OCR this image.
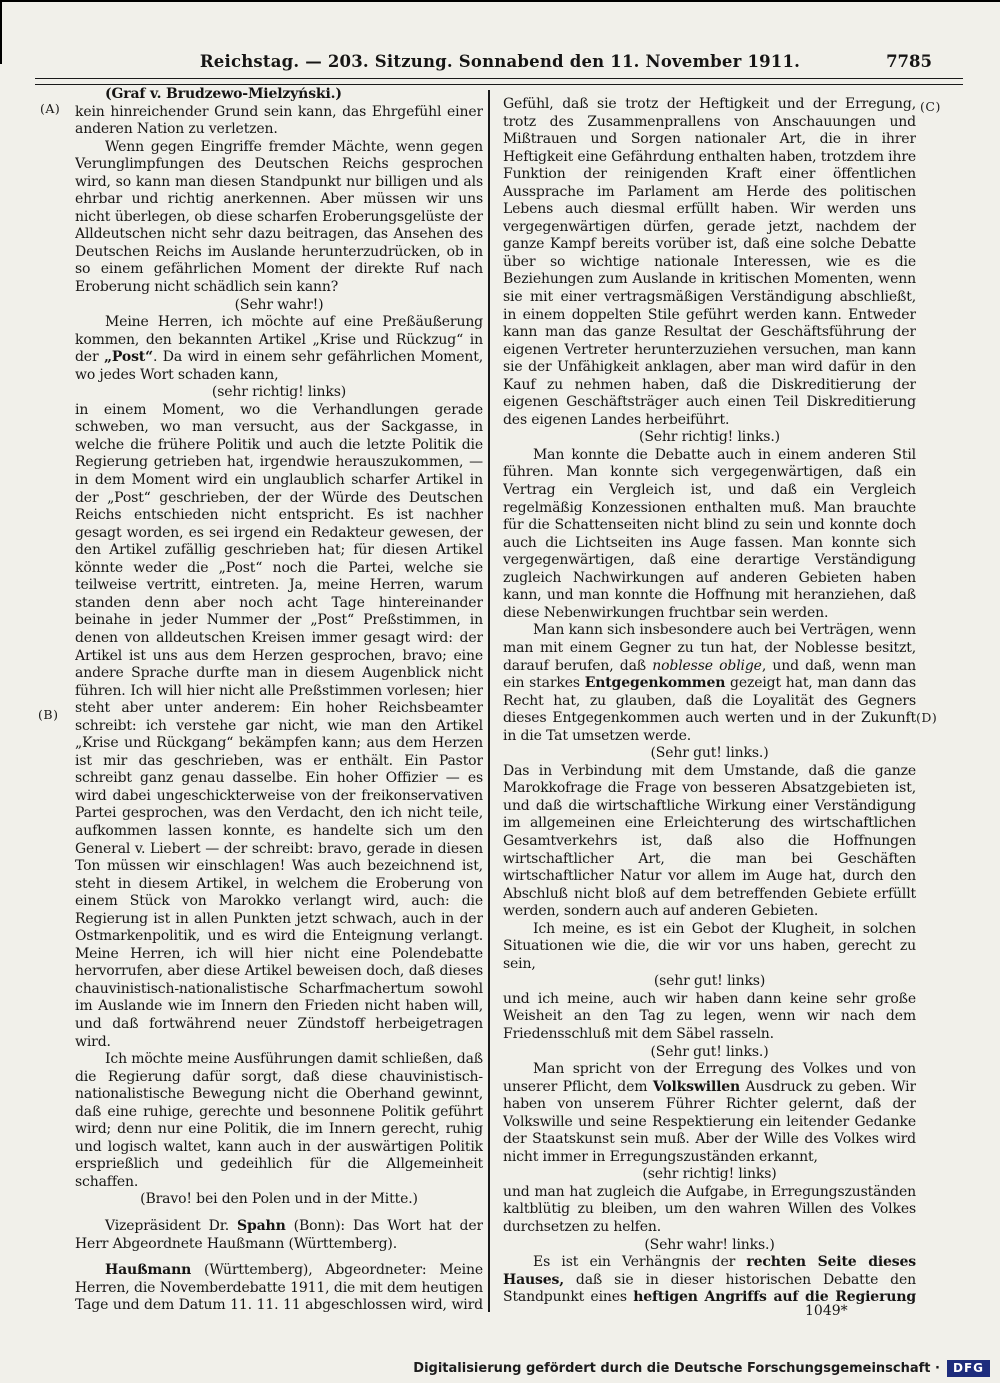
Reichstag. — 203. Sitzung. Sonnabend den 11. November 1911.	7785
(A)
(B)
(C)
(D)

(Graf v. Brudzewo-Mielzyński.)

kein hinreichender Grund sein kann, das Ehrgefühl einer anderen Nation zu verletzen.

Wenn gegen Eingriffe fremder Mächte, wenn gegen Verunglimpfungen des Deutschen Reichs gesprochen wird, so kann man diesen Standpunkt nur billigen und als ehrbar und richtig anerkennen. Aber müssen wir uns nicht überlegen, ob diese scharfen Eroberungsgelüste der Alldeutschen nicht sehr dazu beitragen, das Ansehen des Deutschen Reichs im Auslande herunterzudrücken, ob in so einem gefährlichen Moment der direkte Ruf nach Eroberung nicht schädlich sein kann?

(Sehr wahr!)

Meine Herren, ich möchte auf eine Preßäußerung kommen, den bekannten Artikel „Krise und Rückzug“ in der „Post“. Da wird in einem sehr gefährlichen Moment, wo jedes Wort schaden kann,

(sehr richtig! links)

in einem Moment, wo die Verhandlungen gerade schweben, wo man versucht, aus der Sackgasse, in welche die frühere Politik und auch die letzte Politik die Regierung getrieben hat, irgendwie herauszukommen, — in dem Moment wird ein unglaublich scharfer Artikel in der „Post“ geschrieben, der der Würde des Deutschen Reichs entschieden nicht entspricht. Es ist nachher gesagt worden, es sei irgend ein Redakteur gewesen, der den Artikel zufällig geschrieben hat; für diesen Artikel könnte weder die „Post“ noch die Partei, welche sie teilweise vertritt, eintreten. Ja, meine Herren, warum standen denn aber noch acht Tage hintereinander beinahe in jeder Nummer der „Post“ Preßstimmen, in denen von alldeutschen Kreisen immer gesagt wird: der Artikel ist uns aus dem Herzen gesprochen, bravo; eine andere Sprache durfte man in diesem Augenblick nicht führen. Ich will hier nicht alle Preßstimmen vorlesen; hier steht aber unter anderem: Ein hoher Reichsbeamter schreibt: ich verstehe gar nicht, wie man den Artikel „Krise und Rückgang“ bekämpfen kann; aus dem Herzen ist mir das geschrieben, was er enthält. Ein Pastor schreibt ganz genau dasselbe. Ein hoher Offizier — es wird dabei ungeschickterweise von der freikonservativen Partei gesprochen, was den Verdacht, den ich nicht teile, aufkommen lassen konnte, es handelte sich um den General v. Liebert — der schreibt: bravo, gerade in diesen Ton müssen wir einschlagen! Was auch bezeichnend ist, steht in diesem Artikel, in welchem die Eroberung von einem Stück von Marokko verlangt wird, auch: die Regierung ist in allen Punkten jetzt schwach, auch in der Ostmarkenpolitik, und es wird die Enteignung verlangt. Meine Herren, ich will hier nicht eine Polendebatte hervorrufen, aber diese Artikel beweisen doch, daß dieses chauvinistisch-nationalistische Scharfmachertum sowohl im Auslande wie im Innern den Frieden nicht haben will, und daß fortwährend neuer Zündstoff herbeigetragen wird.

Ich möchte meine Ausführungen damit schließen, daß die Regierung dafür sorgt, daß diese chauvinistisch-nationalistische Bewegung nicht die Oberhand gewinnt, daß eine ruhige, gerechte und besonnene Politik geführt wird; denn nur eine Politik, die im Innern gerecht, ruhig und logisch waltet, kann auch in der auswärtigen Politik ersprießlich und gedeihlich für die Allgemeinheit schaffen.

(Bravo! bei den Polen und in der Mitte.)

Vizepräsident Dr. Spahn (Bonn): Das Wort hat der Herr Abgeordnete Haußmann (Württemberg).

Haußmann (Württemberg), Abgeordneter: Meine Herren, die Novemberdebatte 1911, die mit dem heutigen Tage und dem Datum 11. 11. 11 abgeschlossen wird, wird

Gefühl, daß sie trotz der Heftigkeit und der Erregung, trotz des Zusammenprallens von Anschauungen und Mißtrauen und Sorgen nationaler Art, die in ihrer Heftigkeit eine Gefährdung enthalten haben, trotzdem ihre Funktion der reinigenden Kraft einer öffentlichen Aussprache im Parlament am Herde des politischen Lebens auch diesmal erfüllt haben. Wir werden uns vergegenwärtigen dürfen, gerade jetzt, nachdem der ganze Kampf bereits vorüber ist, daß eine solche Debatte über so wichtige nationale Interessen, wie es die Beziehungen zum Auslande in kritischen Momenten, wenn sie mit einer vertragsmäßigen Verständigung abschließt, in einem doppelten Stile geführt werden kann. Entweder kann man das ganze Resultat der Geschäftsführung der eigenen Vertreter herunterzuziehen versuchen, man kann sie der Unfähigkeit anklagen, aber man wird dafür in den Kauf zu nehmen haben, daß die Diskreditierung der eigenen Geschäftsträger auch einen Teil Diskreditierung des eigenen Landes herbeiführt.

(Sehr richtig! links.)

Man konnte die Debatte auch in einem anderen Stil führen. Man konnte sich vergegenwärtigen, daß ein Vertrag ein Vergleich ist, und daß ein Vergleich regelmäßig Konzessionen enthalten muß. Man brauchte für die Schattenseiten nicht blind zu sein und konnte doch auch die Lichtseiten ins Auge fassen. Man konnte sich vergegenwärtigen, daß eine derartige Verständigung zugleich Nachwirkungen auf anderen Gebieten haben kann, und man konnte die Hoffnung mit heranziehen, daß diese Nebenwirkungen fruchtbar sein werden.

Man kann sich insbesondere auch bei Verträgen, wenn man mit einem Gegner zu tun hat, der Noblesse besitzt, darauf berufen, daß noblesse oblige, und daß, wenn man ein starkes Entgegenkommen gezeigt hat, man dann das Recht hat, zu glauben, daß die Loyalität des Gegners dieses Entgegenkommen auch werten und in der Zukunft in die Tat umsetzen werde.

(Sehr gut! links.)

Das in Verbindung mit dem Umstande, daß die ganze Marokkofrage die Frage von besseren Absatzgebieten ist, und daß die wirtschaftliche Wirkung einer Verständigung im allgemeinen eine Erleichterung des wirtschaftlichen Gesamtverkehrs ist, daß also die Hoffnungen wirtschaftlicher Art, die man bei Geschäften wirtschaftlicher Natur vor allem im Auge hat, durch den Abschluß nicht bloß auf dem betreffenden Gebiete erfüllt werden, sondern auch auf anderen Gebieten.

Ich meine, es ist ein Gebot der Klugheit, in solchen Situationen wie die, die wir vor uns haben, gerecht zu sein,

(sehr gut! links)

und ich meine, auch wir haben dann keine sehr große Weisheit an den Tag zu legen, wenn wir nach dem Friedensschluß mit dem Säbel rasseln.

(Sehr gut! links.)

Man spricht von der Erregung des Volkes und von unserer Pflicht, dem Volkswillen Ausdruck zu geben. Wir haben von unserem Führer Richter gelernt, daß der Volkswille und seine Respektierung ein leitender Gedanke der Staatskunst sein muß. Aber der Wille des Volkes wird nicht immer in Erregungszuständen erkannt,

(sehr richtig! links)

und man hat zugleich die Aufgabe, in Erregungszuständen kaltblütig zu bleiben, um den wahren Willen des Volkes durchsetzen zu helfen.

(Sehr wahr! links.)

Es ist ein Verhängnis der rechten Seite dieses Hauses, daß sie in dieser historischen Debatte den Standpunkt eines heftigen Angriffs auf die Regierung

1049*
Digitalisierung gefördert durch die Deutsche Forschungsgemeinschaft ·	DFG
